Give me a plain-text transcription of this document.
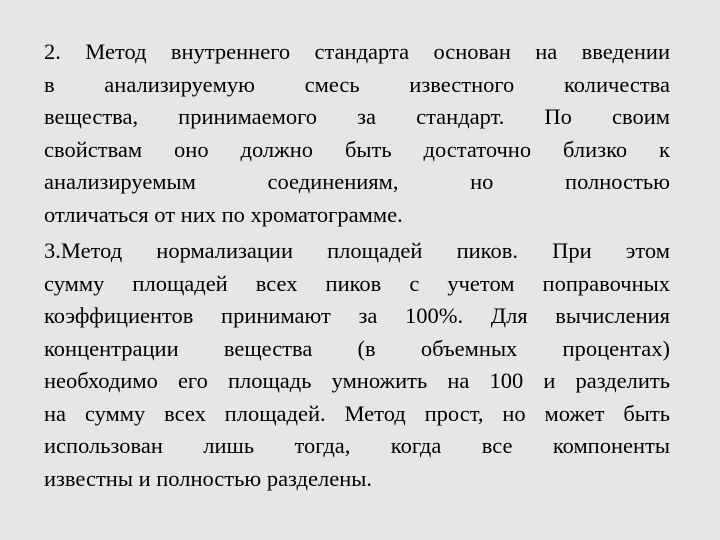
2. Метод внутреннего стандарта основан на введении
в анализируемую смесь известного количества
вещества, принимаемого за стандарт. По своим
свойствам оно должно быть достаточно близко к
анализируемым соединениям, но полностью
отличаться от них по хроматограмме.

3.Метод нормализации площадей пиков. При этом
сумму площадей всех пиков с учетом поправочных
коэффициентов принимают за 100%. Для вычисления
концентрации вещества (в объемных процентах)
необходимо его площадь умножить на 100 и разделить
на сумму всех площадей. Метод прост, но может быть
использован лишь тогда, когда все компоненты
известны и полностью разделены.
